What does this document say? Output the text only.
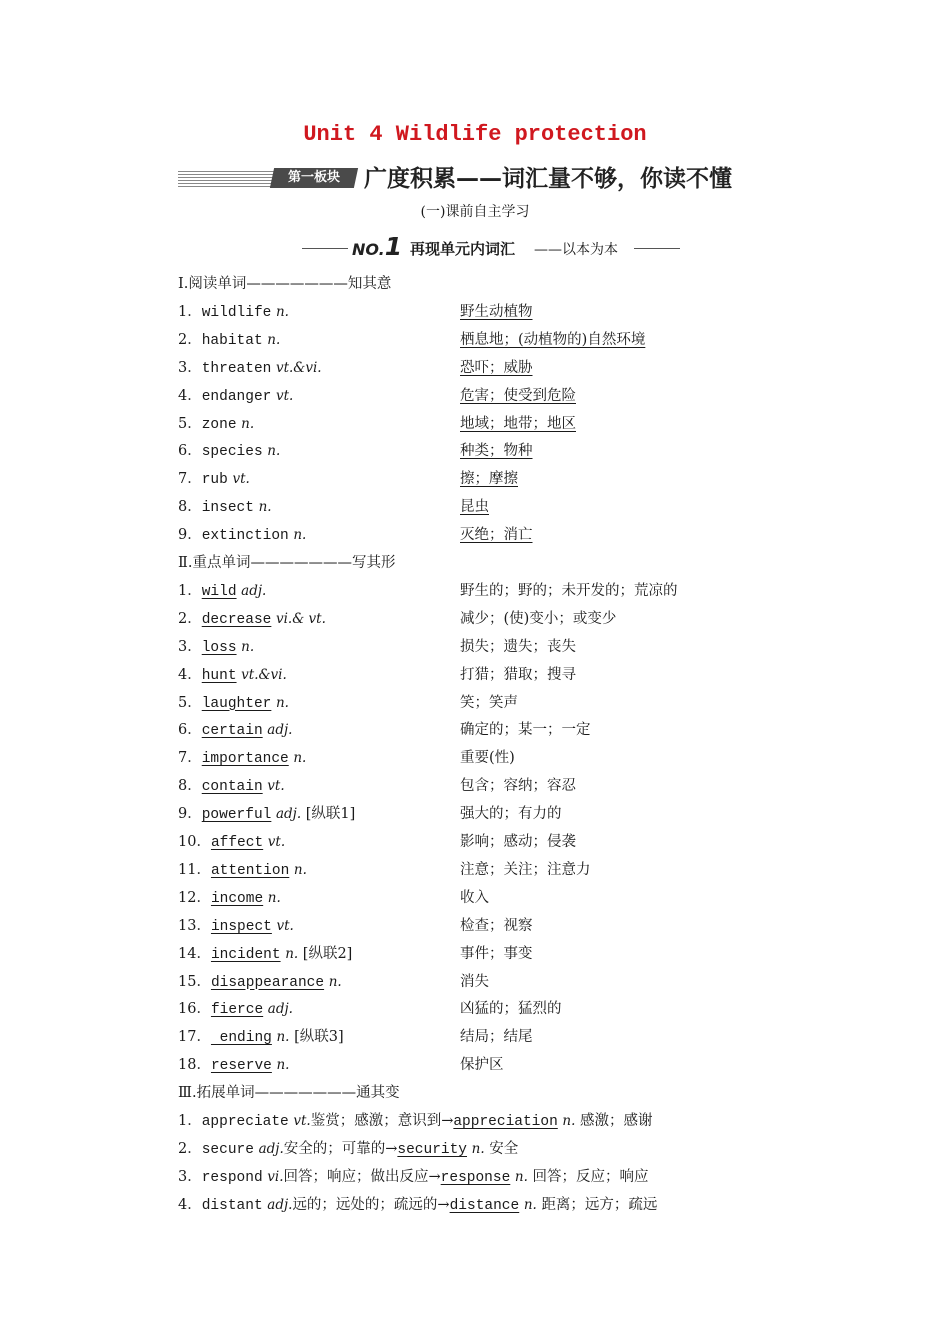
Unit 4 Wildlife protection
第一板块	广度积累——词汇量不够，你读不懂
(一)课前自主学习
NO.1 再现单元内词汇 ——以本为本
Ⅰ.阅读单词———————知其意
1．wildlife n.	野生动植物
2．habitat n.	栖息地；(动植物的)自然环境
3．threaten vt.&vi.	恐吓；威胁
4．endanger vt.	危害；使受到危险
5．zone n.	地域；地带；地区
6．species n.	种类；物种
7．rub vt.	擦；摩擦
8．insect n.	昆虫
9．extinction n.	灭绝；消亡
Ⅱ.重点单词———————写其形
1．wild adj.	野生的；野的；未开发的；荒凉的
2．decrease vi.& vt.	减少；(使)变小；或变少
3．loss n.	损失；遗失；丧失
4．hunt vt.&vi.	打猎；猎取；搜寻
5．laughter n.	笑；笑声
6．certain adj.	确定的；某一；一定
7．importance n.	重要(性)
8．contain vt.	包含；容纳；容忍
9．powerful adj. [纵联1]	强大的；有力的
10．affect vt.	影响；感动；侵袭
11．attention n.	注意；关注；注意力
12．income n.	收入
13．inspect vt.	检查；视察
14．incident n. [纵联2]	事件；事变
15．disappearance n.	消失
16．fierce adj.	凶猛的；猛烈的
17． ending n. [纵联3]	结局；结尾
18．reserve n.	保护区
Ⅲ.拓展单词———————通其变
1．appreciate vt.鉴赏；感激；意识到→appreciation n. 感激；感谢
2．secure adj.安全的；可靠的→security n. 安全
3．respond vi.回答；响应；做出反应→response n. 回答；反应；响应
4．distant adj.远的；远处的；疏远的→distance n. 距离；远方；疏远
